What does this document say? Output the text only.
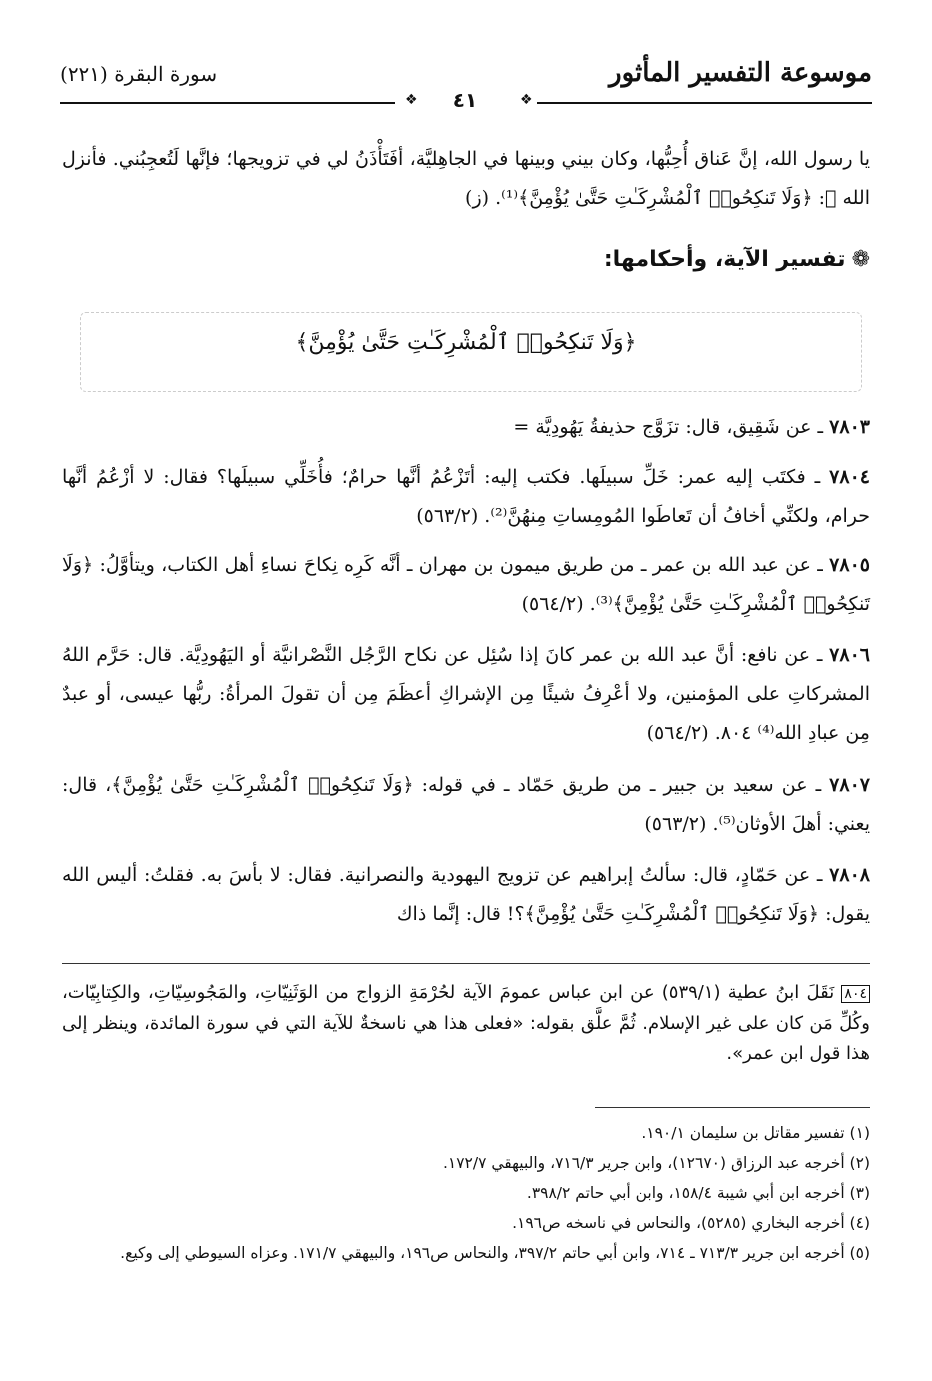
سورة البقرة (٢٢١)	موسوعة التفسير المأثور
❖	٤١	❖
يا رسول الله، إنَّ عَناق أُحِبُّها، وكان بيني وبينها في الجاهِليَّة، أفَتَأْذَنُ لي في تزويجها؛ فإنَّها لَتُعجِبُني. فأنزل الله ﷺ: ﴿وَلَا تَنكِحُوا۟ ٱلْمُشْرِكَـٰتِ حَتَّىٰ يُؤْمِنَّ﴾⁽¹⁾. (ز)
❁تفسير الآية، وأحكامها:
﴿وَلَا تَنكِحُوا۟ ٱلْمُشْرِكَـٰتِ حَتَّىٰ يُؤْمِنَّ﴾
٧٨٠٣ ـ عن شَقِيق، قال: تزَوَّج حذيفةُ يَهُودِيَّة =
٧٨٠٤ ـ فكتَب إليه عمر: خَلِّ سبيلَها. فكتب إليه: أتَزْعُمُ أنَّها حرامٌ؛ فأُخَلِّي سبيلَها؟ فقال: لا أزْعُمُ أنَّها حرام، ولكنِّي أخافُ أن تَعاطَوا المُومِساتِ مِنهُنَّ⁽²⁾. (٥٦٣/٢)
٧٨٠٥ ـ عن عبد الله بن عمر ـ من طريق ميمون بن مهران ـ أنَّه كَرِه نِكاحَ نساءِ أهل الكتاب، ويتأوَّلُ: ﴿وَلَا تَنكِحُوا۟ ٱلْمُشْرِكَـٰتِ حَتَّىٰ يُؤْمِنَّ﴾⁽³⁾. (٥٦٤/٢)
٧٨٠٦ ـ عن نافع: أنَّ عبد الله بن عمر كانَ إذا سُئِل عن نكاح الرَّجُل النَّصْرانيَّة أو اليَهُودِيَّة. قال: حَرَّم اللهُ المشركاتِ على المؤمنين، ولا أعْرِفُ شيئًا مِن الإشراكِ أعظَمَ مِن أن تقولَ المرأةُ: ربُّها عيسى، أو عبدٌ مِن عبادِ الله⁽⁴⁾ ٨٠٤. (٥٦٤/٢)
٧٨٠٧ ـ عن سعيد بن جبير ـ من طريق حَمّاد ـ في قوله: ﴿وَلَا تَنكِحُوا۟ ٱلْمُشْرِكَـٰتِ حَتَّىٰ يُؤْمِنَّ﴾، قال: يعني: أهلَ الأوثان⁽⁵⁾. (٥٦٣/٢)
٧٨٠٨ ـ عن حَمّادٍ، قال: سألتُ إبراهيم عن تزويج اليهودية والنصرانية. فقال: لا بأسَ به. فقلتُ: أليس الله يقول: ﴿وَلَا تَنكِحُوا۟ ٱلْمُشْرِكَـٰتِ حَتَّىٰ يُؤْمِنَّ﴾؟! قال: إنَّما ذاك
٨٠٤ نَقَلَ ابنُ عطية (٥٣٩/١) عن ابن عباس عمومَ الآية لحُرْمَةِ الزواج من الوَثَنِيّاتِ، والمَجُوسِيّاتِ، والكِتابِيّات، وكُلِّ مَن كان على غير الإسلام. ثُمَّ علَّق بقوله: «فعلى هذا هي ناسخةٌ للآية التي في سورة المائدة، وينظر إلى هذا قول ابن عمر».
(١) تفسير مقاتل بن سليمان ١٩٠/١.
(٢) أخرجه عبد الرزاق (١٢٦٧٠)، وابن جرير ٧١٦/٣، والبيهقي ١٧٢/٧.
(٣) أخرجه ابن أبي شيبة ١٥٨/٤، وابن أبي حاتم ٣٩٨/٢.
(٤) أخرجه البخاري (٥٢٨٥)، والنحاس في ناسخه ص١٩٦.
(٥) أخرجه ابن جرير ٧١٣/٣ ـ ٧١٤، وابن أبي حاتم ٣٩٧/٢، والنحاس ص١٩٦، والبيهقي ١٧١/٧. وعزاه السيوطي إلى وكيع.
